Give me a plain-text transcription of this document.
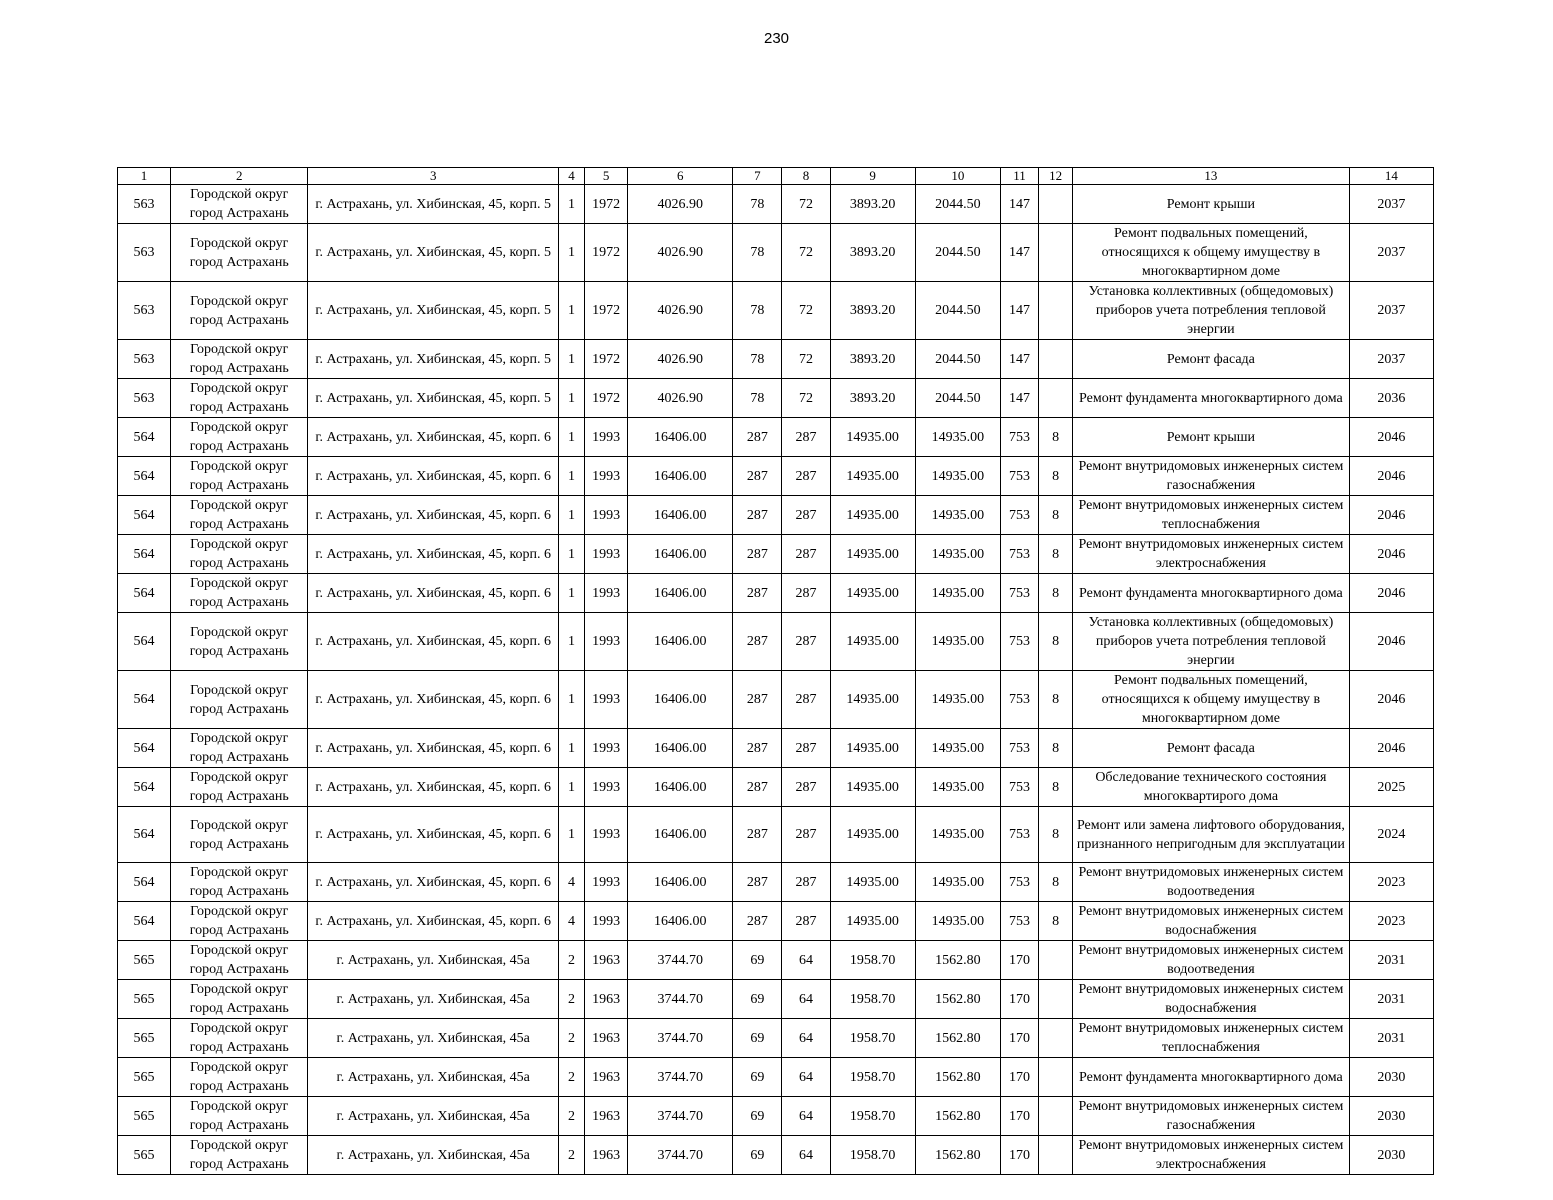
230
1	2	3	4	5	6	7	8	9	10	11	12	13	14

563	Городской округ город Астрахань	г. Астрахань, ул. Хибинская, 45, корп. 5	1	1972	4026.90	78	72	3893.20	2044.50	147		Ремонт крыши	2037

563	Городской округ город Астрахань	г. Астрахань, ул. Хибинская, 45, корп. 5	1	1972	4026.90	78	72	3893.20	2044.50	147		Ремонт подвальных помещений, относящихся к общему имуществу в многоквартирном доме	2037

563	Городской округ город Астрахань	г. Астрахань, ул. Хибинская, 45, корп. 5	1	1972	4026.90	78	72	3893.20	2044.50	147		Установка коллективных (общедомовых) приборов учета потребления тепловой энергии	2037

563	Городской округ город Астрахань	г. Астрахань, ул. Хибинская, 45, корп. 5	1	1972	4026.90	78	72	3893.20	2044.50	147		Ремонт фасада	2037

563	Городской округ город Астрахань	г. Астрахань, ул. Хибинская, 45, корп. 5	1	1972	4026.90	78	72	3893.20	2044.50	147		Ремонт фундамента многоквартирного дома	2036

564	Городской округ город Астрахань	г. Астрахань, ул. Хибинская, 45, корп. 6	1	1993	16406.00	287	287	14935.00	14935.00	753	8	Ремонт крыши	2046

564	Городской округ город Астрахань	г. Астрахань, ул. Хибинская, 45, корп. 6	1	1993	16406.00	287	287	14935.00	14935.00	753	8	Ремонт внутридомовых инженерных систем газоснабжения	2046

564	Городской округ город Астрахань	г. Астрахань, ул. Хибинская, 45, корп. 6	1	1993	16406.00	287	287	14935.00	14935.00	753	8	Ремонт внутридомовых инженерных систем теплоснабжения	2046

564	Городской округ город Астрахань	г. Астрахань, ул. Хибинская, 45, корп. 6	1	1993	16406.00	287	287	14935.00	14935.00	753	8	Ремонт внутридомовых инженерных систем электроснабжения	2046

564	Городской округ город Астрахань	г. Астрахань, ул. Хибинская, 45, корп. 6	1	1993	16406.00	287	287	14935.00	14935.00	753	8	Ремонт фундамента многоквартирного дома	2046

564	Городской округ город Астрахань	г. Астрахань, ул. Хибинская, 45, корп. 6	1	1993	16406.00	287	287	14935.00	14935.00	753	8	Установка коллективных (общедомовых) приборов учета потребления тепловой энергии	2046

564	Городской округ город Астрахань	г. Астрахань, ул. Хибинская, 45, корп. 6	1	1993	16406.00	287	287	14935.00	14935.00	753	8	Ремонт подвальных помещений, относящихся к общему имуществу в многоквартирном доме	2046

564	Городской округ город Астрахань	г. Астрахань, ул. Хибинская, 45, корп. 6	1	1993	16406.00	287	287	14935.00	14935.00	753	8	Ремонт фасада	2046

564	Городской округ город Астрахань	г. Астрахань, ул. Хибинская, 45, корп. 6	1	1993	16406.00	287	287	14935.00	14935.00	753	8	Обследование технического состояния многоквартирого дома	2025

564	Городской округ город Астрахань	г. Астрахань, ул. Хибинская, 45, корп. 6	1	1993	16406.00	287	287	14935.00	14935.00	753	8	Ремонт или замена лифтового оборудования, признанного непригодным для эксплуатации	2024

564	Городской округ город Астрахань	г. Астрахань, ул. Хибинская, 45, корп. 6	4	1993	16406.00	287	287	14935.00	14935.00	753	8	Ремонт внутридомовых инженерных систем водоотведения	2023

564	Городской округ город Астрахань	г. Астрахань, ул. Хибинская, 45, корп. 6	4	1993	16406.00	287	287	14935.00	14935.00	753	8	Ремонт внутридомовых инженерных систем водоснабжения	2023

565	Городской округ город Астрахань	г. Астрахань, ул. Хибинская, 45а	2	1963	3744.70	69	64	1958.70	1562.80	170		Ремонт внутридомовых инженерных систем водоотведения	2031

565	Городской округ город Астрахань	г. Астрахань, ул. Хибинская, 45а	2	1963	3744.70	69	64	1958.70	1562.80	170		Ремонт внутридомовых инженерных систем водоснабжения	2031

565	Городской округ город Астрахань	г. Астрахань, ул. Хибинская, 45а	2	1963	3744.70	69	64	1958.70	1562.80	170		Ремонт внутридомовых инженерных систем теплоснабжения	2031

565	Городской округ город Астрахань	г. Астрахань, ул. Хибинская, 45а	2	1963	3744.70	69	64	1958.70	1562.80	170		Ремонт фундамента многоквартирного дома	2030

565	Городской округ город Астрахань	г. Астрахань, ул. Хибинская, 45а	2	1963	3744.70	69	64	1958.70	1562.80	170		Ремонт внутридомовых инженерных систем газоснабжения	2030

565	Городской округ город Астрахань	г. Астрахань, ул. Хибинская, 45а	2	1963	3744.70	69	64	1958.70	1562.80	170		Ремонт внутридомовых инженерных систем электроснабжения	2030
